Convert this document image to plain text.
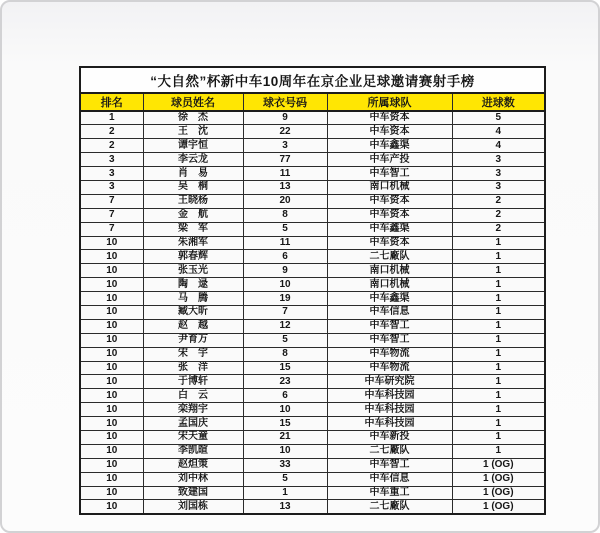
“大自然”杯新中车10周年在京企业足球邀请赛射手榜				
排名	球员姓名	球衣号码	所属球队	进球数
1	徐　杰	9	中车资本	5
2	王　沈	22	中车资本	4
2	谭宇恒	3	中车鑫渠	4
3	李云龙	77	中车产投	3
3	肖　易	11	中车智工	3
3	吴　桐	13	南口机械	3
7	王晓杨	20	中车资本	2
7	金　航	8	中车资本	2
7	梁　军	5	中车鑫渠	2
10	朱湘军	11	中车资本	1
10	郭春辉	6	二七廠队	1
10	张玉光	9	南口机械	1
10	陶　逯	10	南口机械	1
10	马　腾	19	中车鑫渠	1
10	臧大昕	7	中车信息	1
10	赵　越	12	中车智工	1
10	尹育万	5	中车智工	1
10	宋　宇	8	中车物流	1
10	张　洋	15	中车物流	1
10	于博轩	23	中车研究院	1
10	白　云	6	中车科技园	1
10	栾翔宇	10	中车科技园	1
10	孟国庆	15	中车科技园	1
10	宋天童	21	中车新投	1
10	李凯暄	10	二七廠队	1
10	赵炟策	33	中车智工	1 (OG)
10	刘中林	5	中车信息	1 (OG)
10	致建国	1	中车重工	1 (OG)
10	刘国栋	13	二七廠队	1 (OG)
